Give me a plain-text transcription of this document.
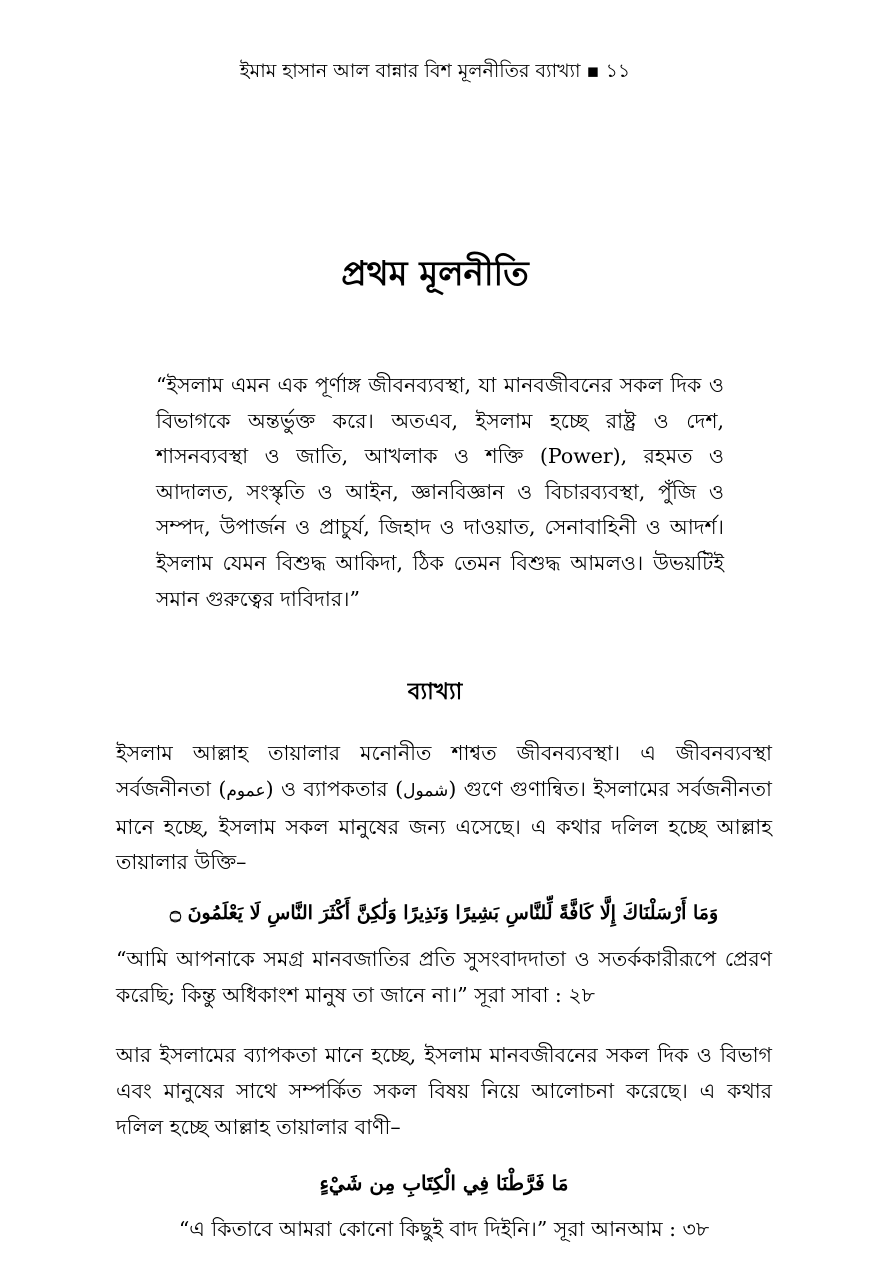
ইমাম হাসান আল বান্নার বিশ মূলনীতির ব্যাখ্যা ▪ ১১
প্রথম মূলনীতি
“ইসলাম এমন এক পূর্ণাঙ্গ জীবনব্যবস্থা, যা মানবজীবনের সকল দিক ও বিভাগকে অন্তর্ভুক্ত করে। অতএব, ইসলাম হচ্ছে রাষ্ট্র ও দেশ, শাসনব্যবস্থা ও জাতি, আখলাক ও শক্তি (Power), রহমত ও আদালত, সংস্কৃতি ও আইন, জ্ঞানবিজ্ঞান ও বিচারব্যবস্থা, পুঁজি ও সম্পদ, উপার্জন ও প্রাচুর্য, জিহাদ ও দাওয়াত, সেনাবাহিনী ও আদর্শ। ইসলাম যেমন বিশুদ্ধ আকিদা, ঠিক তেমন বিশুদ্ধ আমলও। উভয়টিই সমান গুরুত্বের দাবিদার।”
ব্যাখ্যা
ইসলাম আল্লাহ তায়ালার মনোনীত শাশ্বত জীবনব্যবস্থা। এ জীবনব্যবস্থা সর্বজনীনতা (عموم) ও ব্যাপকতার (شمول) গুণে গুণান্বিত। ইসলামের সর্বজনীনতা মানে হচ্ছে, ইসলাম সকল মানুষের জন্য এসেছে। এ কথার দলিল হচ্ছে আল্লাহ তায়ালার উক্তি–
وَمَا أَرْسَلْنَاكَ إِلَّا كَافَّةً لِّلنَّاسِ بَشِيرًا وَنَذِيرًا وَلَٰكِنَّ أَكْثَرَ النَّاسِ لَا يَعْلَمُونَ ۝
“আমি আপনাকে সমগ্র মানবজাতির প্রতি সুসংবাদদাতা ও সতর্ককারীরূপে প্রেরণ করেছি; কিন্তু অধিকাংশ মানুষ তা জানে না।” সূরা সাবা : ২৮
আর ইসলামের ব্যাপকতা মানে হচ্ছে, ইসলাম মানবজীবনের সকল দিক ও বিভাগ এবং মানুষের সাথে সম্পর্কিত সকল বিষয় নিয়ে আলোচনা করেছে। এ কথার দলিল হচ্ছে আল্লাহ তায়ালার বাণী–
مَا فَرَّطْنَا فِي الْكِتَابِ مِن شَيْءٍ
“এ কিতাবে আমরা কোনো কিছুই বাদ দিইনি।” সূরা আনআম : ৩৮
